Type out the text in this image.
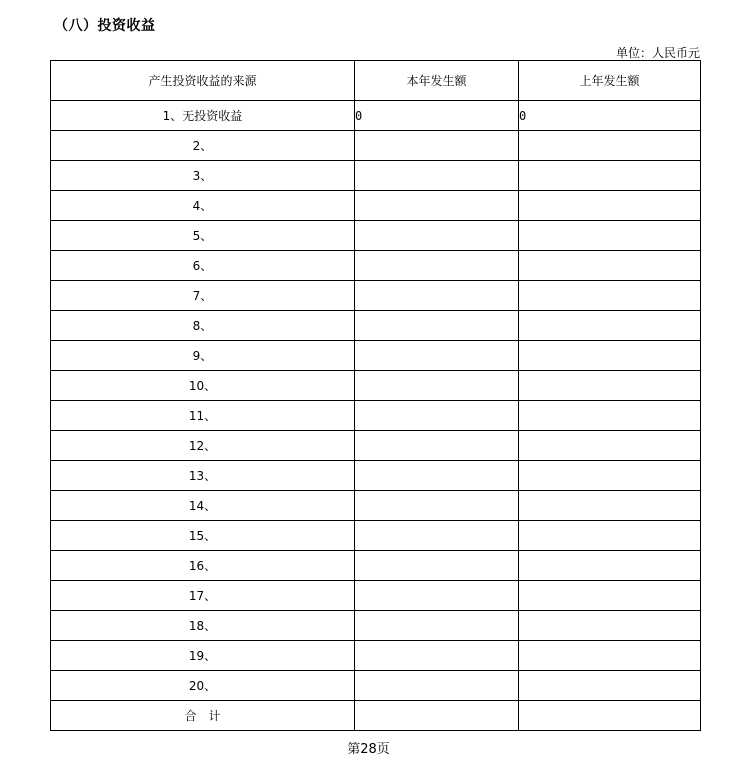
（八）投资收益
单位：人民币元
产生投资收益的来源	本年发生额	上年发生额
1、无投资收益	0	0
2、		
3、		
4、		
5、		
6、		
7、		
8、		
9、		
10、		
11、		
12、		
13、		
14、		
15、		
16、		
17、		
18、		
19、		
20、		
合　计		
第28页
